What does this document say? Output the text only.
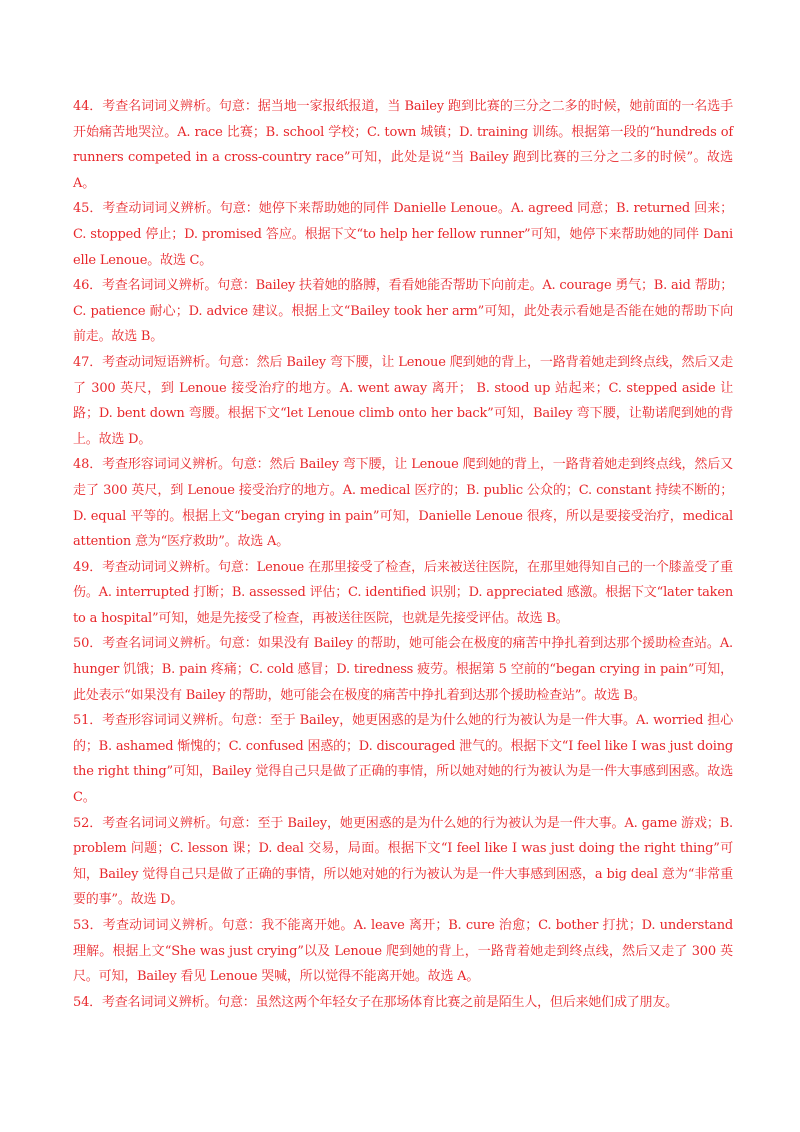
44．考查名词词义辨析。句意：据当地一家报纸报道，当 Bailey 跑到比赛的三分之二多的时候，她前面的一名选手开始痛苦地哭泣。A. race 比赛；B. school 学校；C. town 城镇；D. training 训练。根据第一段的“hundreds of runners competed in a cross-country race”可知，此处是说“当 Bailey 跑到比赛的三分之二多的时候”。故选 A。

45．考查动词词义辨析。句意：她停下来帮助她的同伴 Danielle Lenoue。A. agreed 同意；B. returned 回来；C. stopped 停止；D. promised 答应。根据下文“to help her fellow runner”可知，她停下来帮助她的同伴 Danielle Lenoue。故选 C。

46．考查名词词义辨析。句意：Bailey 扶着她的胳膊，看看她能否帮助下向前走。A. courage 勇气；B. aid 帮助；C. patience 耐心；D. advice 建议。根据上文“Bailey took her arm”可知，此处表示看她是否能在她的帮助下向前走。故选 B。

47．考查动词短语辨析。句意：然后 Bailey 弯下腰，让 Lenoue 爬到她的背上，一路背着她走到终点线，然后又走了 300 英尺，到 Lenoue 接受治疗的地方。A. went away 离开； B. stood up 站起来；C. stepped aside 让路；D. bent down 弯腰。根据下文“let Lenoue climb onto her back”可知，Bailey 弯下腰，让勒诺爬到她的背上。故选 D。

48．考查形容词词义辨析。句意：然后 Bailey 弯下腰，让 Lenoue 爬到她的背上，一路背着她走到终点线，然后又走了 300 英尺，到 Lenoue 接受治疗的地方。A. medical 医疗的；B. public 公众的；C. constant 持续不断的；D. equal 平等的。根据上文“began crying in pain”可知，Danielle Lenoue 很疼，所以是要接受治疗，medical attention 意为“医疗救助”。故选 A。

49．考查动词词义辨析。句意：Lenoue 在那里接受了检查，后来被送往医院，在那里她得知自己的一个膝盖受了重伤。A. interrupted 打断；B. assessed 评估；C. identified 识别；D. appreciated 感激。根据下文“later taken to a hospital”可知，她是先接受了检查，再被送往医院，也就是先接受评估。故选 B。

50．考查名词词义辨析。句意：如果没有 Bailey 的帮助，她可能会在极度的痛苦中挣扎着到达那个援助检查站。A. hunger 饥饿；B. pain 疼痛；C. cold 感冒；D. tiredness 疲劳。根据第 5 空前的“began crying in pain”可知，此处表示“如果没有 Bailey 的帮助，她可能会在极度的痛苦中挣扎着到达那个援助检查站”。故选 B。

51．考查形容词词义辨析。句意：至于 Bailey，她更困惑的是为什么她的行为被认为是一件大事。A. worried 担心的；B. ashamed 惭愧的；C. confused 困惑的；D. discouraged 泄气的。根据下文“I feel like I was just doing the right thing”可知，Bailey 觉得自己只是做了正确的事情，所以她对她的行为被认为是一件大事感到困惑。故选 C。

52．考查名词词义辨析。句意：至于 Bailey，她更困惑的是为什么她的行为被认为是一件大事。A. game 游戏；B. problem 问题；C. lesson 课；D. deal 交易，局面。根据下文“I feel like I was just doing the right thing”可知，Bailey 觉得自己只是做了正确的事情，所以她对她的行为被认为是一件大事感到困惑，a big deal 意为“非常重要的事”。故选 D。

53．考查动词词义辨析。句意：我不能离开她。A. leave 离开；B. cure 治愈；C. bother 打扰；D. understand 理解。根据上文“She was just crying”以及 Lenoue 爬到她的背上，一路背着她走到终点线，然后又走了 300 英尺。可知，Bailey 看见 Lenoue 哭喊，所以觉得不能离开她。故选 A。

54．考查名词词义辨析。句意：虽然这两个年轻女子在那场体育比赛之前是陌生人，但后来她们成了朋友。
